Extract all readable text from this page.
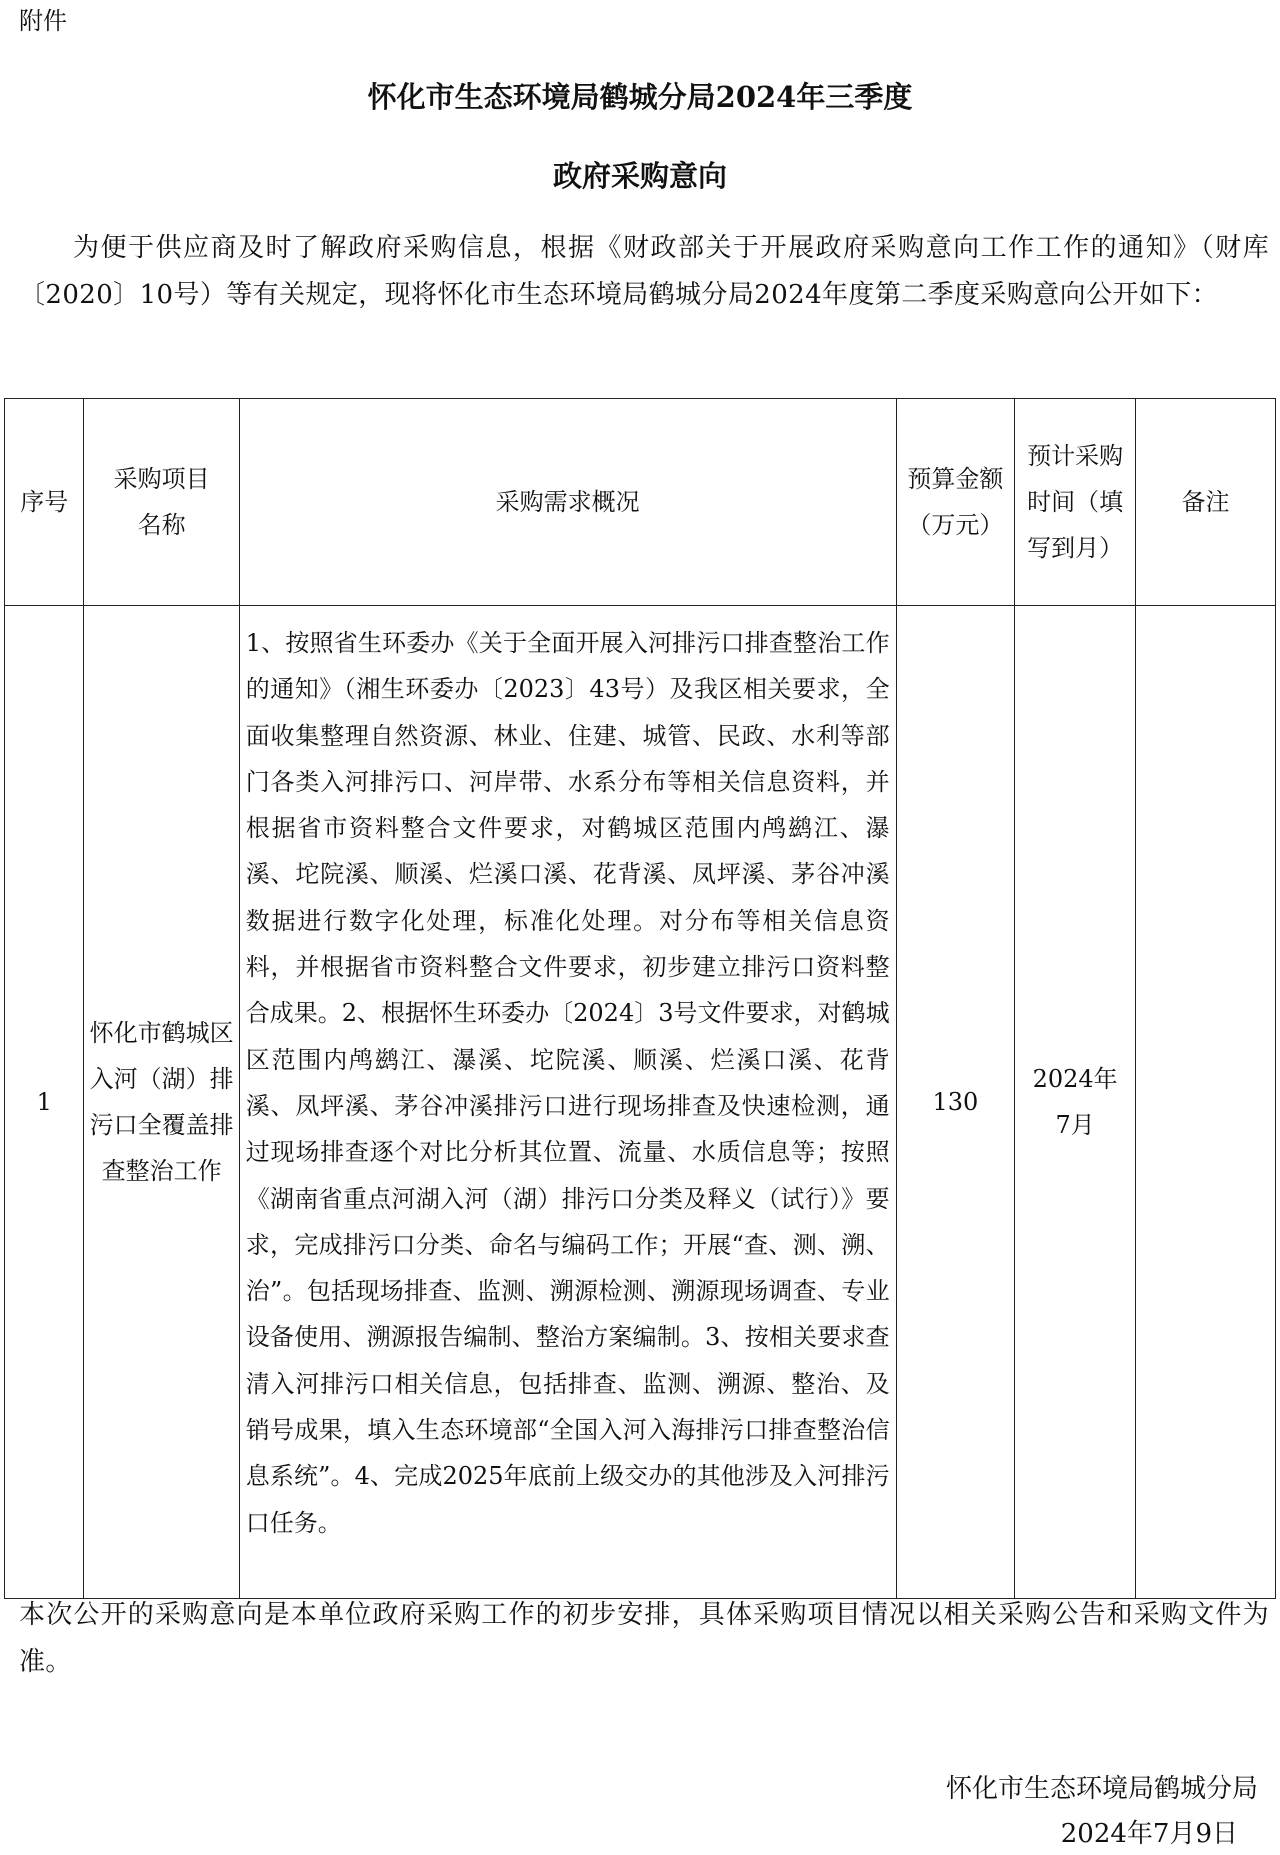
附件
怀化市生态环境局鹤城分局2024年三季度
政府采购意向

为便于供应商及时了解政府采购信息，根据《财政部关于开展政府采购意向工作工作的通知》（财库〔2020〕10号）等有关规定，现将怀化市生态环境局鹤城分局2024年度第二季度采购意向公开如下：

序号	采购项目名称	采购需求概况	预算金额（万元）	预计采购时间（填写到月）	备注
1	怀化市鹤城区入河（湖）排污口全覆盖排查整治工作	1、按照省生环委办《关于全面开展入河排污口排查整治工作的通知》（湘生环委办〔2023〕43号）及我区相关要求，全面收集整理自然资源、林业、住建、城管、民政、水利等部门各类入河排污口、河岸带、水系分布等相关信息资料，并根据省市资料整合文件要求，对鹤城区范围内鸬鹚江、瀑溪、坨院溪、顺溪、烂溪口溪、花背溪、凤坪溪、茅谷冲溪数据进行数字化处理，标准化处理。对分布等相关信息资料，并根据省市资料整合文件要求，初步建立排污口资料整合成果。2、根据怀生环委办〔2024〕3号文件要求，对鹤城区范围内鸬鹚江、瀑溪、坨院溪、顺溪、烂溪口溪、花背溪、凤坪溪、茅谷冲溪排污口进行现场排查及快速检测，通过现场排查逐个对比分析其位置、流量、水质信息等；按照《湖南省重点河湖入河（湖）排污口分类及释义（试行）》要求，完成排污口分类、命名与编码工作；开展“查、测、溯、治”。包括现场排查、监测、溯源检测、溯源现场调查、专业设备使用、溯源报告编制、整治方案编制。3、按相关要求查清入河排污口相关信息，包括排查、监测、溯源、整治、及销号成果，填入生态环境部“全国入河入海排污口排查整治信息系统”。4、完成2025年底前上级交办的其他涉及入河排污口任务。	130	2024年7月	

本次公开的采购意向是本单位政府采购工作的初步安排，具体采购项目情况以相关采购公告和采购文件为准。

怀化市生态环境局鹤城分局
2024年7月9日
